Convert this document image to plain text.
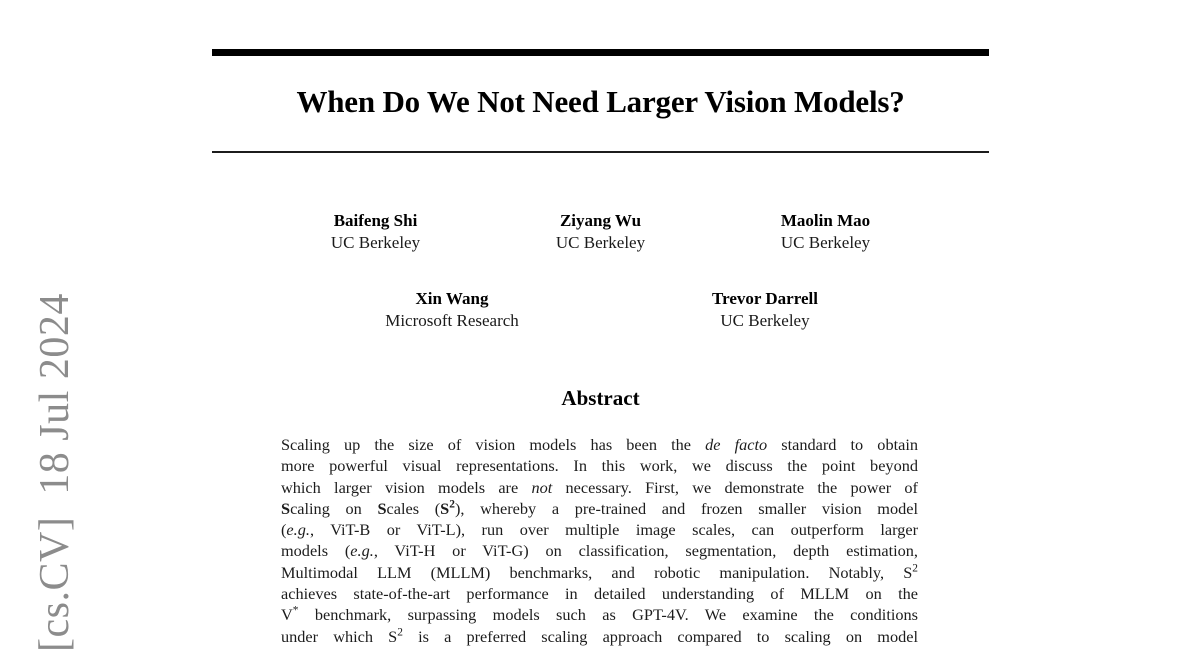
[cs.CV]  18 Jul 2024
When Do We Not Need Larger Vision Models?
Baifeng Shi
UC Berkeley
Ziyang Wu
UC Berkeley
Maolin Mao
UC Berkeley
Xin Wang
Microsoft Research
Trevor Darrell
UC Berkeley
Abstract
Scaling up the size of vision models has been the de facto standard to obtain
more powerful visual representations. In this work, we discuss the point beyond
which larger vision models are not necessary. First, we demonstrate the power of
Scaling on Scales $(S^2)$, whereby a pre-trained and frozen smaller vision model
(e.g., ViT-B or ViT-L), run over multiple image scales, can outperform larger
models (e.g., ViT-H or ViT-G) on classification, segmentation, depth estimation,
Multimodal LLM (MLLM) benchmarks, and robotic manipulation. Notably, $S^2$
achieves state-of-the-art performance in detailed understanding of MLLM on the
V* benchmark, surpassing models such as GPT-4V. We examine the conditions
under which $S^2$ is a preferred scaling approach compared to scaling on model
